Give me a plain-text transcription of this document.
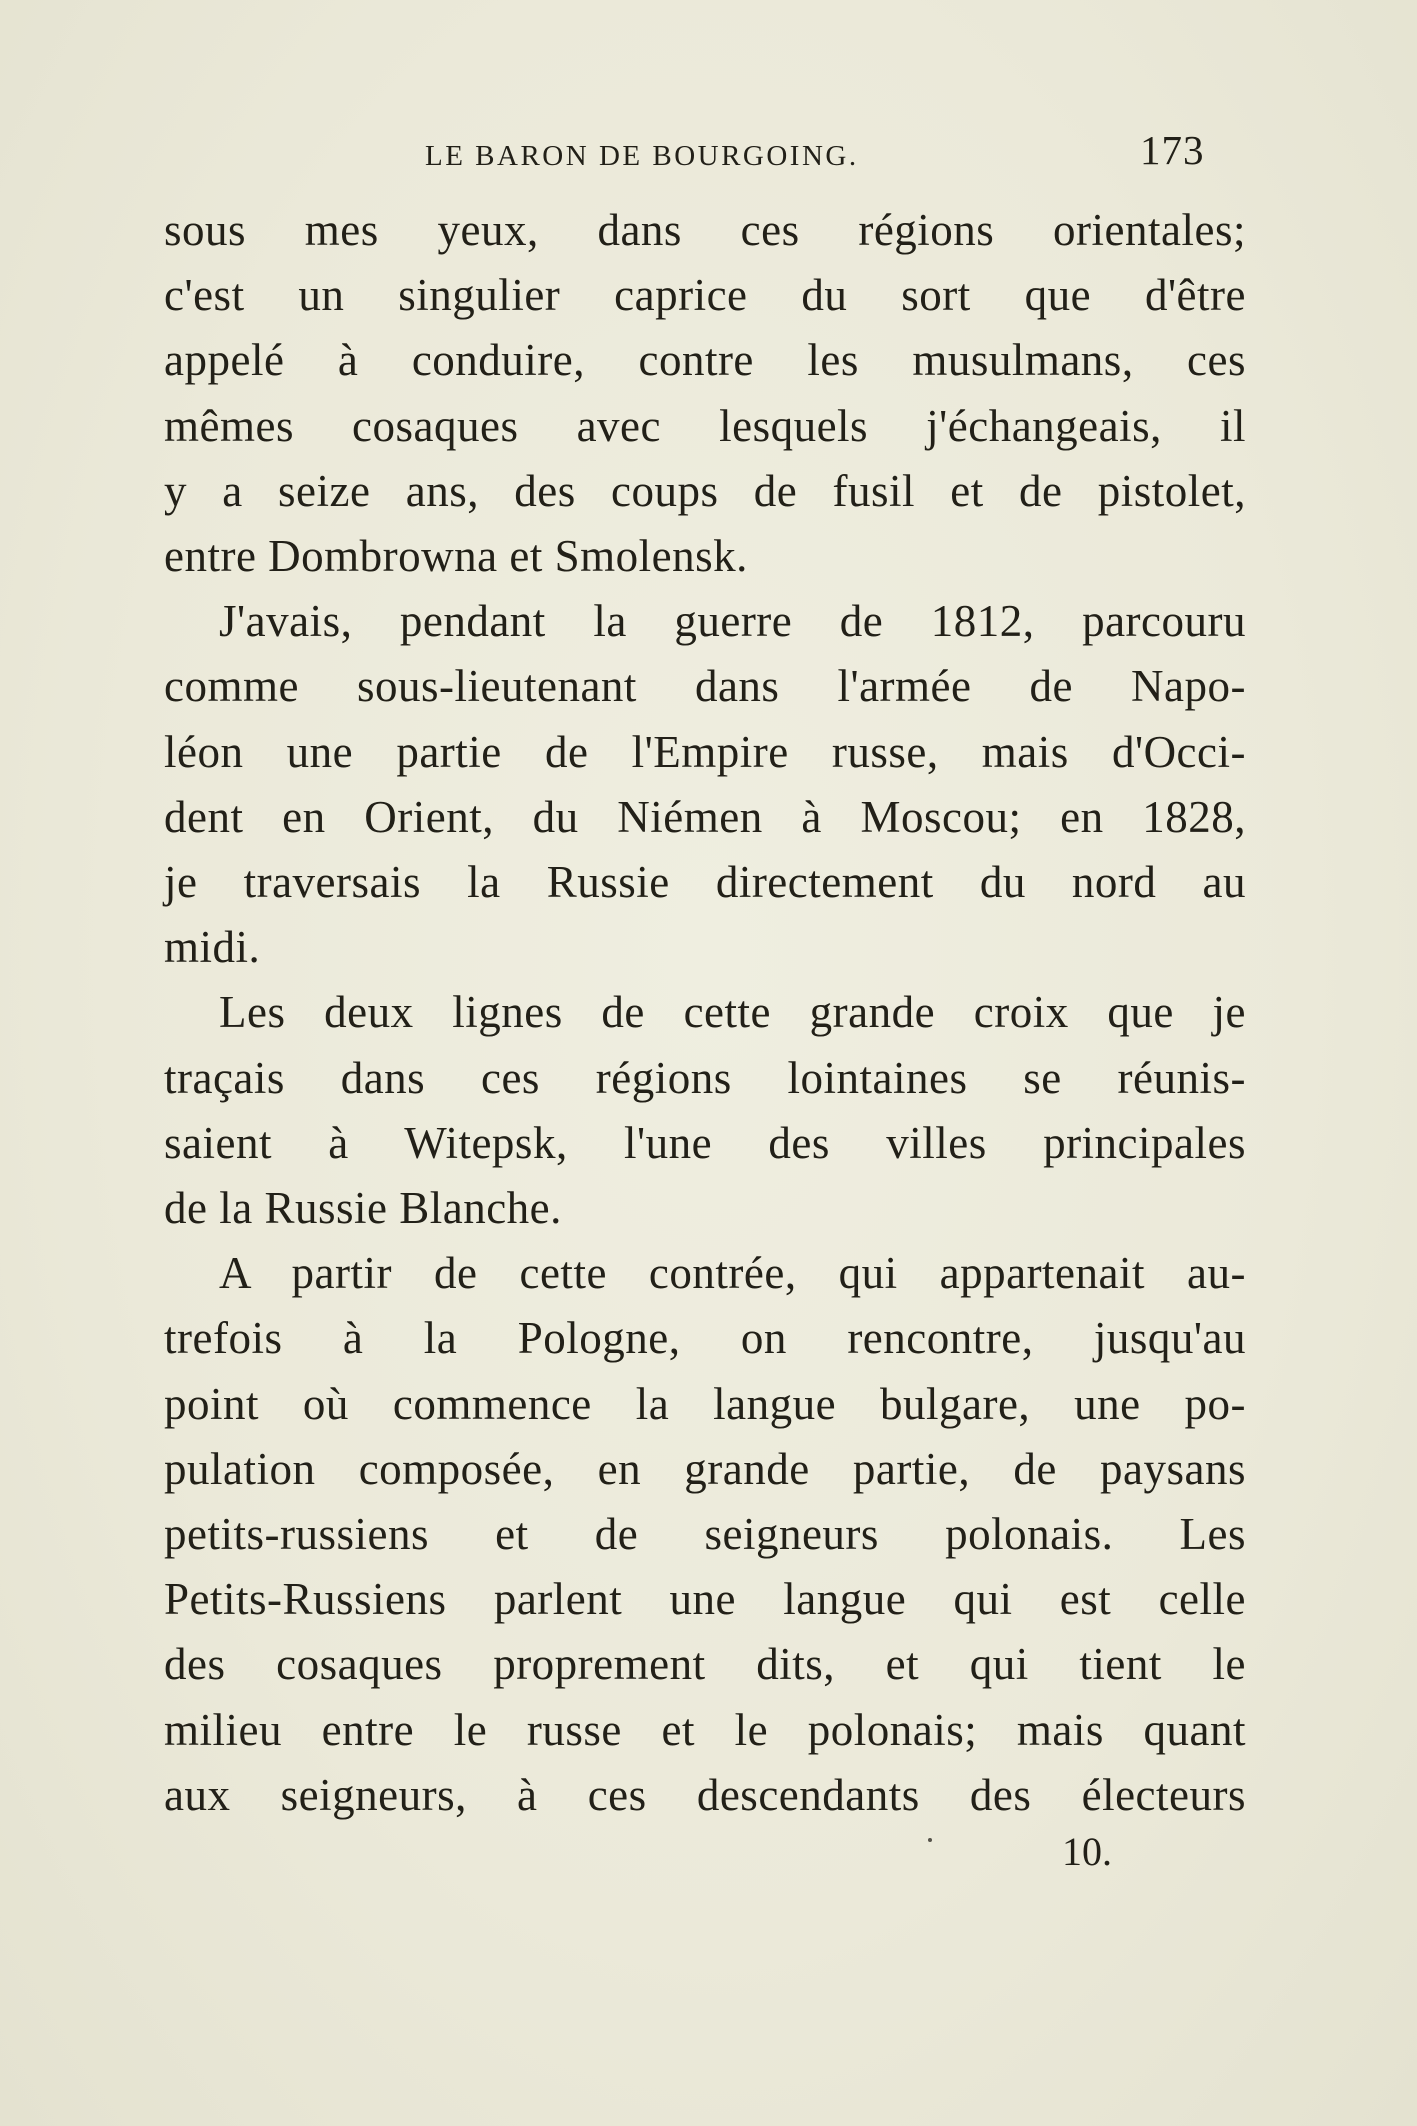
LE BARON DE BOURGOING.	173
sous mes yeux, dans ces régions orientales;
c'est un singulier caprice du sort que d'être
appelé à conduire, contre les musulmans, ces
mêmes cosaques avec lesquels j'échangeais, il
y a seize ans, des coups de fusil et de pistolet,
entre Dombrowna et Smolensk.
J'avais, pendant la guerre de 1812, parcouru
comme sous-lieutenant dans l'armée de Napo-
léon une partie de l'Empire russe, mais d'Occi-
dent en Orient, du Niémen à Moscou; en 1828,
je traversais la Russie directement du nord au
midi.
Les deux lignes de cette grande croix que je
traçais dans ces régions lointaines se réunis-
saient à Witepsk, l'une des villes principales
de la Russie Blanche.
A partir de cette contrée, qui appartenait au-
trefois à la Pologne, on rencontre, jusqu'au
point où commence la langue bulgare, une po-
pulation composée, en grande partie, de paysans
petits-russiens et de seigneurs polonais. Les
Petits-Russiens parlent une langue qui est celle
des cosaques proprement dits, et qui tient le
milieu entre le russe et le polonais; mais quant
aux seigneurs, à ces descendants des électeurs
10.
